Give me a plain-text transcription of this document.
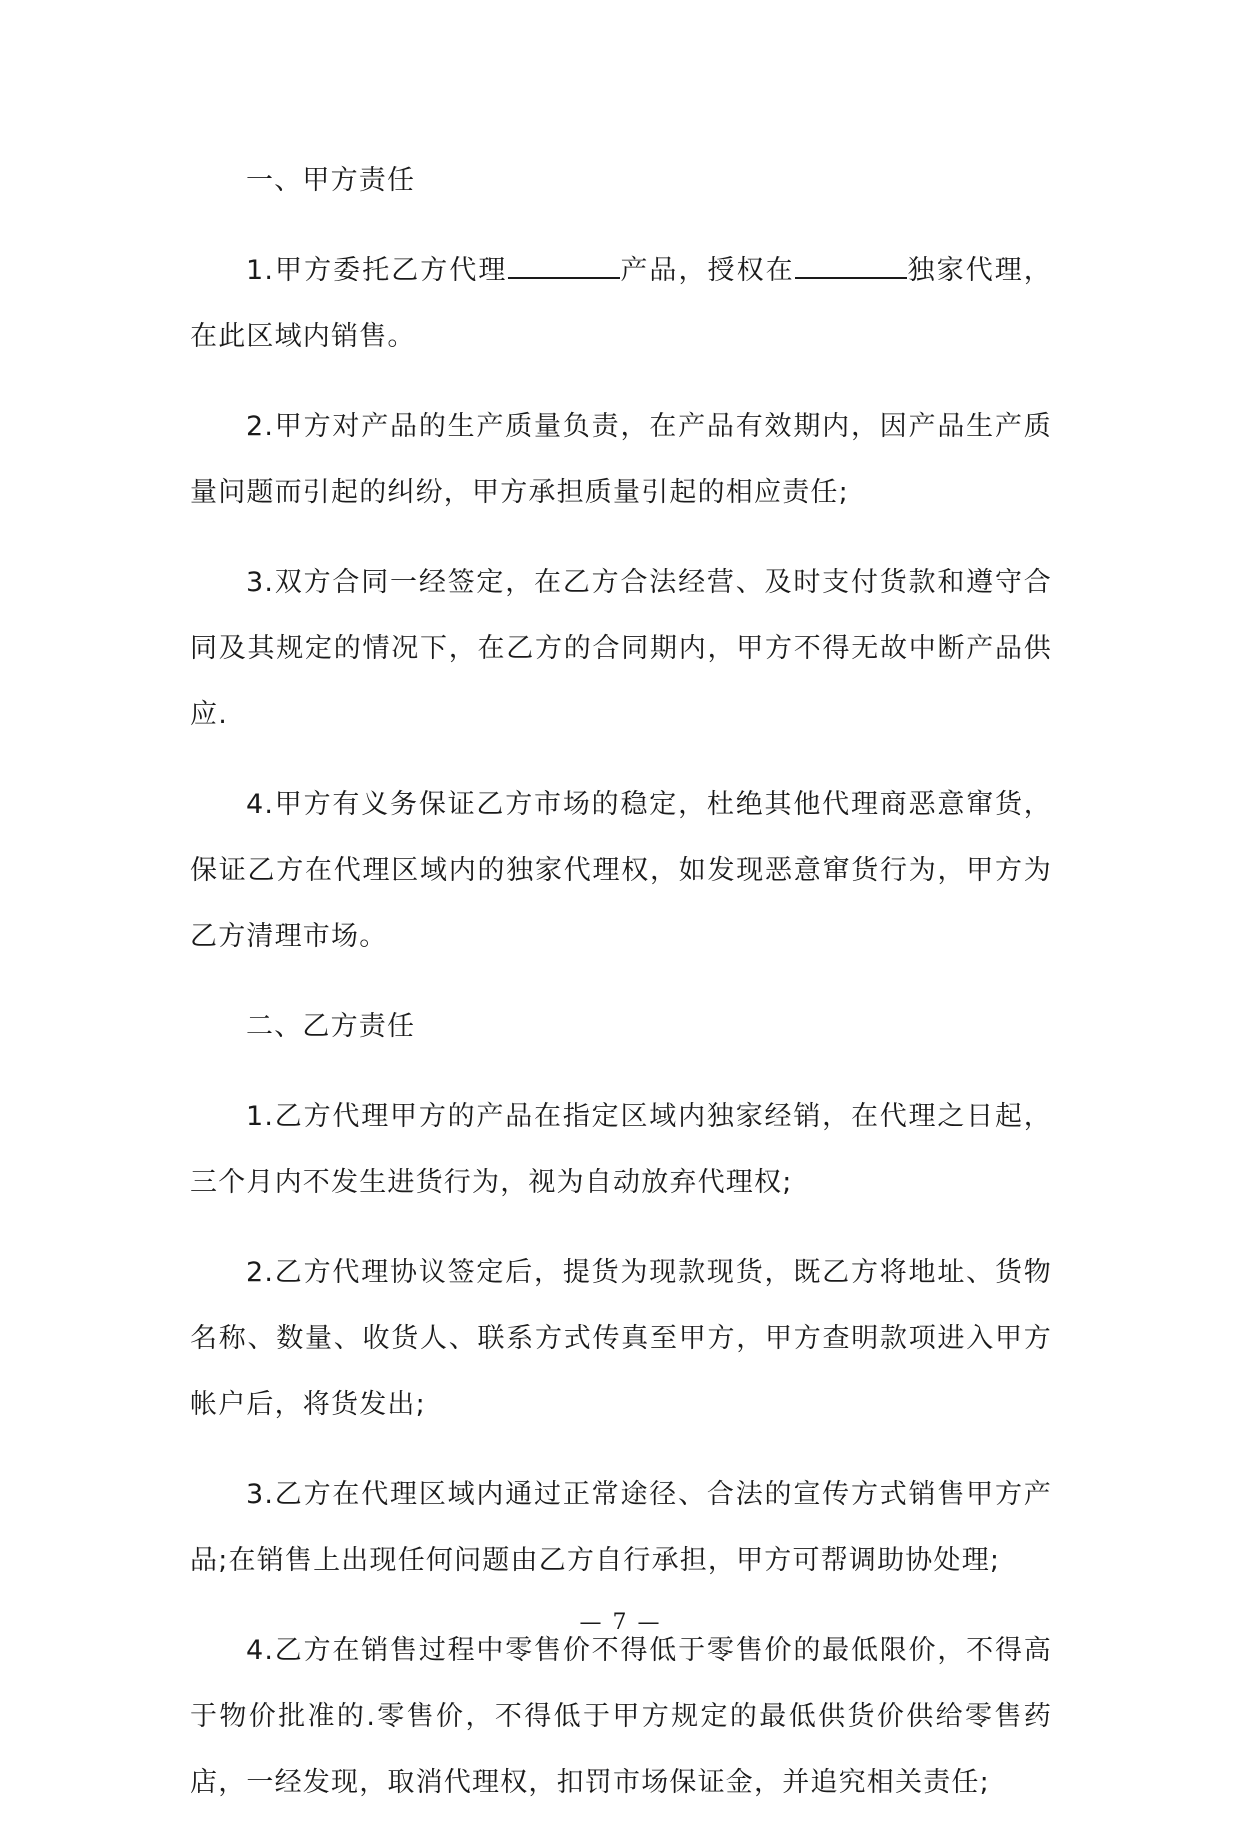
一、甲方责任

1.甲方委托乙方代理	产品，授权在	独家代理，在此区域内销售。

2.甲方对产品的生产质量负责，在产品有效期内，因产品生产质量问题而引起的纠纷，甲方承担质量引起的相应责任;

3.双方合同一经签定，在乙方合法经营、及时支付货款和遵守合同及其规定的情况下，在乙方的合同期内，甲方不得无故中断产品供应.

4.甲方有义务保证乙方市场的稳定，杜绝其他代理商恶意窜货，保证乙方在代理区域内的独家代理权，如发现恶意窜货行为，甲方为乙方清理市场。

二、乙方责任

1.乙方代理甲方的产品在指定区域内独家经销，在代理之日起，三个月内不发生进货行为，视为自动放弃代理权;

2.乙方代理协议签定后，提货为现款现货，既乙方将地址、货物名称、数量、收货人、联系方式传真至甲方，甲方查明款项进入甲方帐户后，将货发出;

3.乙方在代理区域内通过正常途径、合法的宣传方式销售甲方产品;在销售上出现任何问题由乙方自行承担，甲方可帮调助协处理;

4.乙方在销售过程中零售价不得低于零售价的最低限价，不得高于物价批准的.零售价，不得低于甲方规定的最低供货价供给零售药店，一经发现，取消代理权，扣罚市场保证金，并追究相关责任;

— 7 —
